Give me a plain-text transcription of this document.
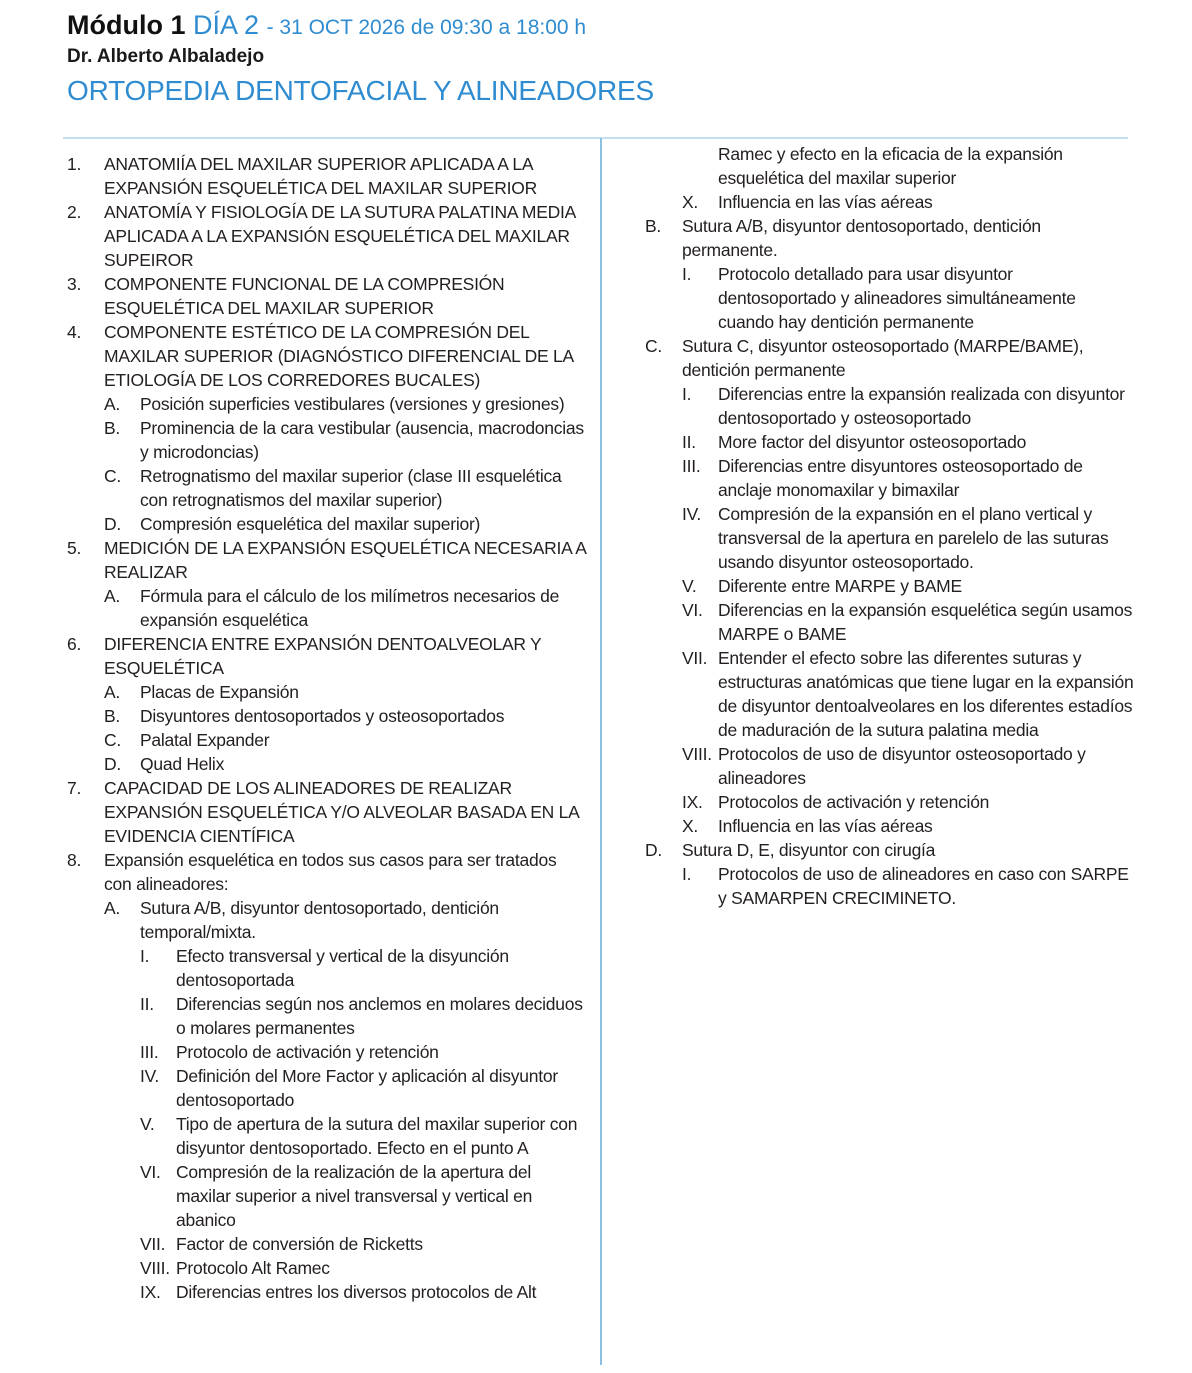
Módulo 1 DÍA 2 - 31 OCT 2026 de 09:30 a 18:00 h
Dr. Alberto Albaladejo
ORTOPEDIA DENTOFACIAL Y ALINEADORES
1.	ANATOMIÍA DEL MAXILAR SUPERIOR APLICADA A LA EXPANSIÓN ESQUELÉTICA DEL MAXILAR SUPERIOR
2.	ANATOMÍA Y FISIOLOGÍA DE LA SUTURA PALATINA MEDIA APLICADA A LA EXPANSIÓN ESQUELÉTICA DEL MAXILAR SUPEIROR
3.	COMPONENTE FUNCIONAL DE LA COMPRESIÓN ESQUELÉTICA DEL MAXILAR SUPERIOR
4.	COMPONENTE ESTÉTICO DE LA COMPRESIÓN DEL MAXILAR SUPERIOR (DIAGNÓSTICO DIFERENCIAL DE LA ETIOLOGÍA DE LOS CORREDORES BUCALES)
A.	Posición superficies vestibulares (versiones y gresiones)
B.	Prominencia de la cara vestibular (ausencia, macrodoncias y microdoncias)
C.	Retrognatismo del maxilar superior (clase III esquelética con retrognatismos del maxilar superior)
D.	Compresión esquelética del maxilar superior)
5.	MEDICIÓN DE LA EXPANSIÓN ESQUELÉTICA NECESARIA A REALIZAR
A.	Fórmula para el cálculo de los milímetros necesarios de expansión esquelética
6.	DIFERENCIA ENTRE EXPANSIÓN DENTOALVEOLAR Y ESQUELÉTICA
A.	Placas de Expansión
B.	Disyuntores dentosoportados y osteosoportados
C.	Palatal Expander
D.	Quad Helix
7.	CAPACIDAD DE LOS ALINEADORES DE REALIZAR EXPANSIÓN ESQUELÉTICA Y/O ALVEOLAR BASADA EN LA EVIDENCIA CIENTÍFICA
8.	Expansión esquelética en todos sus casos para ser tratados con alineadores:
A.	Sutura A/B, disyuntor dentosoportado, dentición temporal/mixta.
I.	Efecto transversal y vertical de la disyunción dentosoportada
II.	Diferencias según nos anclemos en molares deciduos o molares permanentes
III.	Protocolo de activación y retención
IV. Definición del More Factor y aplicación al disyuntor dentosoportado
V.	Tipo de apertura de la sutura del maxilar superior con disyuntor dentosoportado. Efecto en el punto A
VI. Compresión de la realización de la apertura del maxilar superior a nivel transversal y vertical en abanico
VII. Factor de conversión de Ricketts
VIII. Protocolo Alt Ramec
IX. Diferencias entres los diversos protocolos de Alt
Ramec y efecto en la eficacia de la expansión esquelética del maxilar superior
X.	Influencia en las vías aéreas
B.	Sutura A/B, disyuntor dentosoportado, dentición permanente.
I.	Protocolo detallado para usar disyuntor dentosoportado y alineadores simultáneamente cuando hay dentición permanente
C.	Sutura C, disyuntor osteosoportado (MARPE/BAME), dentición permanente
I.	Diferencias entre la expansión realizada con disyuntor dentosoportado y osteosoportado
II.	More factor del disyuntor osteosoportado
III.	Diferencias entre disyuntores osteosoportado de anclaje monomaxilar y bimaxilar
IV. Compresión de la expansión en el plano vertical y transversal de la apertura en parelelo de las suturas usando disyuntor osteosoportado.
V.	Diferente entre MARPE y BAME
VI. Diferencias en la expansión esquelética según usamos MARPE o BAME
VII. Entender el efecto sobre las diferentes suturas y estructuras anatómicas que tiene lugar en la expansión de disyuntor dentoalveolares en los diferentes estadíos de maduración de la sutura palatina media
VIII. Protocolos de uso de disyuntor osteosoportado y alineadores
IX. Protocolos de activación y retención
X.	Influencia en las vías aéreas
D.	Sutura D, E, disyuntor con cirugía
I.	Protocolos de uso de alineadores en caso con SARPE y SAMARPEN CRECIMINETO.
